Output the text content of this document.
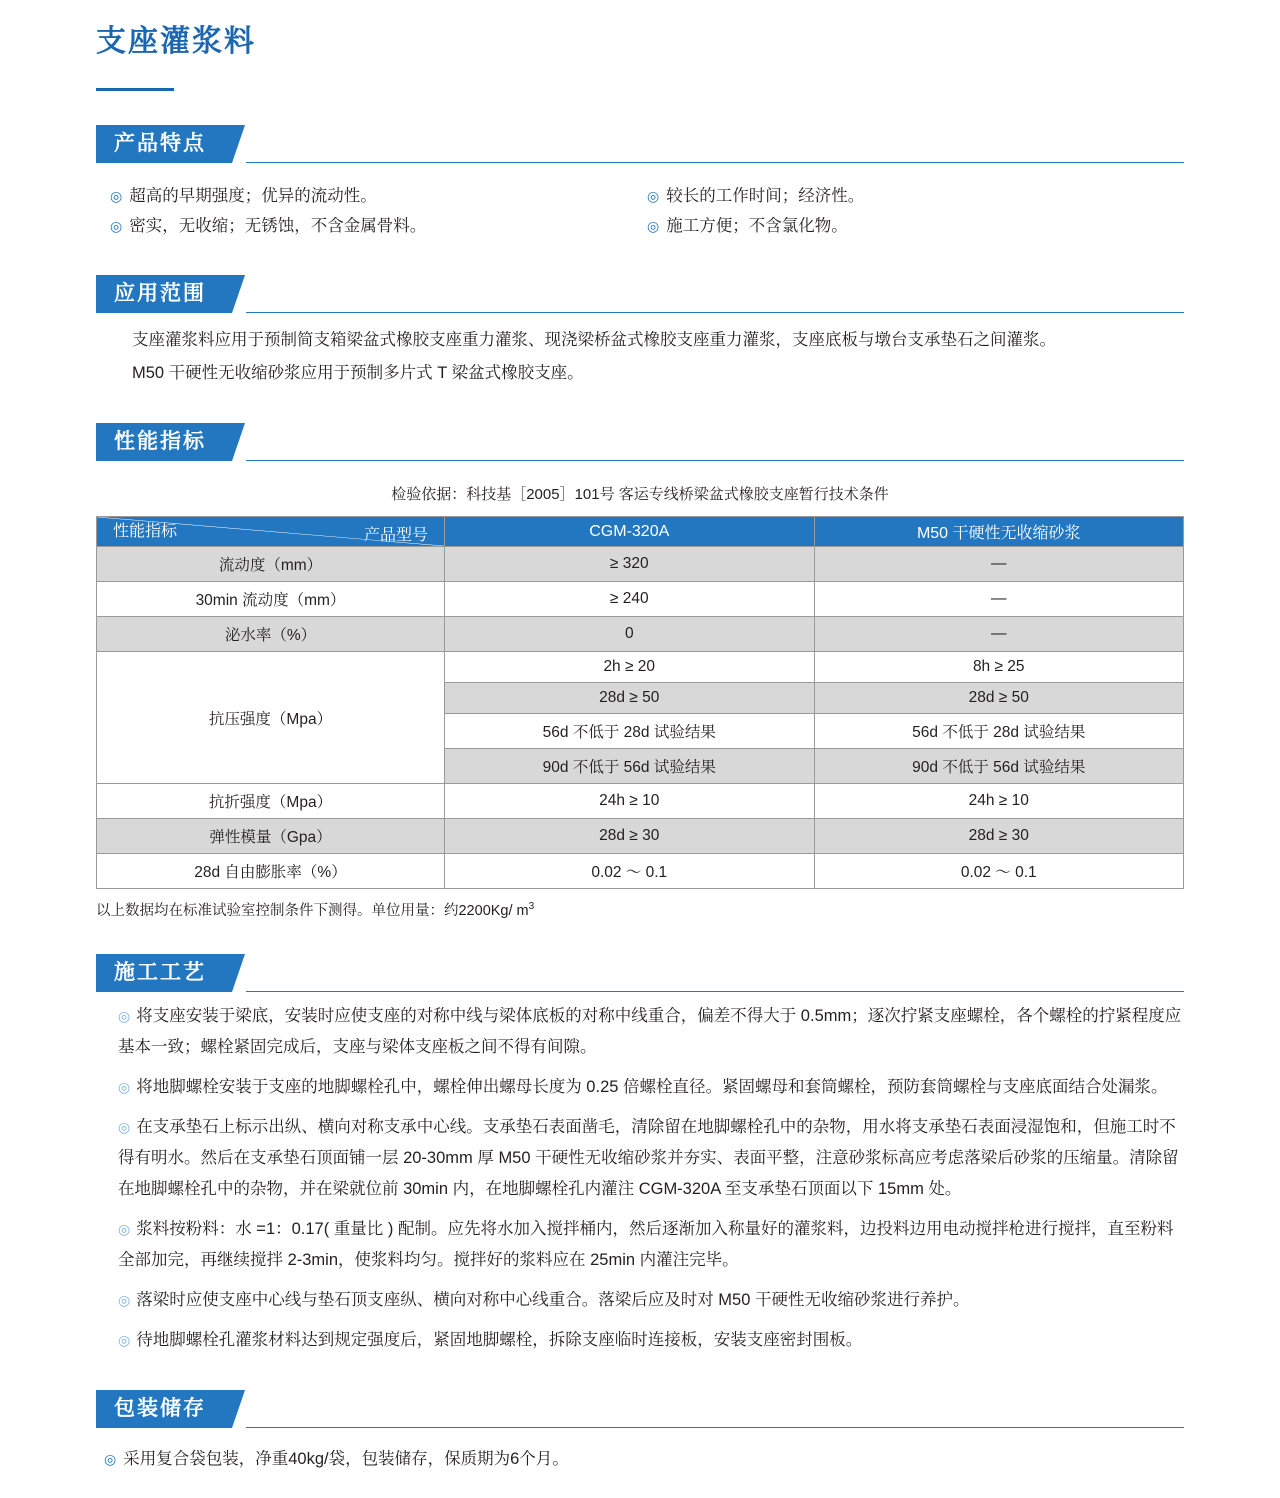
支座灌浆料
产品特点
◎ 超高的早期强度；优异的流动性。	◎ 较长的工作时间；经济性。
◎ 密实，无收缩；无锈蚀，不含金属骨料。	◎ 施工方便；不含氯化物。
应用范围
支座灌浆料应用于预制简支箱梁盆式橡胶支座重力灌浆、现浇梁桥盆式橡胶支座重力灌浆，支座底板与墩台支承垫石之间灌浆。
M50 干硬性无收缩砂浆应用于预制多片式 T 梁盆式橡胶支座。
性能指标
检验依据：科技基［2005］101号 客运专线桥梁盆式橡胶支座暂行技术条件
产品型号
性能指标	CGM-320A	M50 干硬性无收缩砂浆
流动度（mm）	≥ 320	—
30min 流动度（mm）	≥ 240	—
泌水率（%）	0	—
抗压强度（Mpa）	2h ≥ 20	8h ≥ 25
	28d ≥ 50	28d ≥ 50
	56d 不低于 28d 试验结果	56d 不低于 28d 试验结果
	90d 不低于 56d 试验结果	90d 不低于 56d 试验结果
抗折强度（Mpa）	24h ≥ 10	24h ≥ 10
弹性模量（Gpa）	28d ≥ 30	28d ≥ 30
28d 自由膨胀率（%）	0.02 ～ 0.1	0.02 ～ 0.1
以上数据均在标准试验室控制条件下测得。单位用量：约2200Kg/ $m^3$
施工工艺
◎ 将支座安装于梁底，安装时应使支座的对称中线与梁体底板的对称中线重合，偏差不得大于 0.5mm；逐次拧紧支座螺栓，各个螺栓的拧紧程度应基本一致；螺栓紧固完成后，支座与梁体支座板之间不得有间隙。
◎ 将地脚螺栓安装于支座的地脚螺栓孔中，螺栓伸出螺母长度为 0.25 倍螺栓直径。紧固螺母和套筒螺栓，预防套筒螺栓与支座底面结合处漏浆。
◎ 在支承垫石上标示出纵、横向对称支承中心线。支承垫石表面凿毛，清除留在地脚螺栓孔中的杂物，用水将支承垫石表面浸湿饱和，但施工时不得有明水。然后在支承垫石顶面铺一层 20-30mm 厚 M50 干硬性无收缩砂浆并夯实、表面平整，注意砂浆标高应考虑落梁后砂浆的压缩量。清除留在地脚螺栓孔中的杂物，并在梁就位前 30min 内，在地脚螺栓孔内灌注 CGM-320A 至支承垫石顶面以下 15mm 处。
◎ 浆料按粉料：水 =1：0.17( 重量比 ) 配制。应先将水加入搅拌桶内，然后逐渐加入称量好的灌浆料，边投料边用电动搅拌枪进行搅拌，直至粉料全部加完，再继续搅拌 2-3min，使浆料均匀。搅拌好的浆料应在 25min 内灌注完毕。
◎ 落梁时应使支座中心线与垫石顶支座纵、横向对称中心线重合。落梁后应及时对 M50 干硬性无收缩砂浆进行养护。
◎ 待地脚螺栓孔灌浆材料达到规定强度后，紧固地脚螺栓，拆除支座临时连接板，安装支座密封围板。
包装储存
◎ 采用复合袋包装，净重40kg/袋，包装储存，保质期为6个月。
